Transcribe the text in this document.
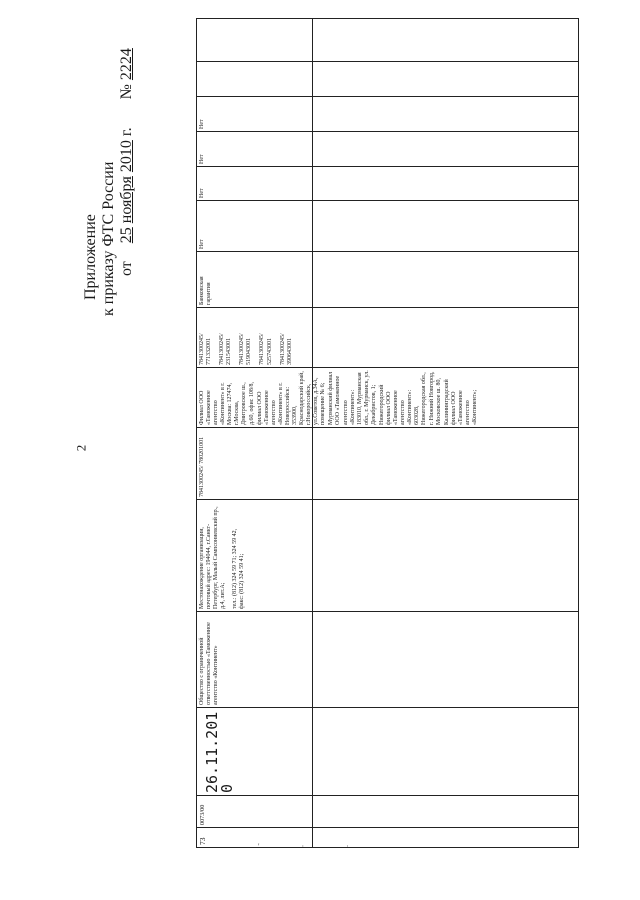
2
Приложение к приказу ФТС России от  25 ноября 2010 г.  № 2224
73
0073/00
26.11.2010
Общество с ограниченной ответственностью «Таможенное агентство «Континент»
Местонахождение организации, почтовый адрес: 194044, г.Санкт-Петербург, Малый Сампсониевский пр., д.4, лит.А; тел.: (812) 324 59 71; 324 59 42, факс: (812) 324 59 41;
7841300245/ 780201001
Филиал ООО «Таможенное агентство «Континент» в г. Москва: 127474, г.Москва, Дмитровское ш., д.60, офис 108/8, филиал ООО «Таможенное агентство «Континент» в г. Новороссийск: 353900, Краснодарский край, г.Новороссийск, ул.Советов, д.34А, помещение № 6; Мурманский филиал ООО «Таможенное агентство «Континент»: 183010, Мурманская обл., г. Мурманск, ул. Декабристов, 1; Нижегородский филиал ООО «Таможенное агентство «Континент»: 603028, Нижегородская обл., г. Нижний Новгород, Московское ш. 80, Калининградский филиал ООО «Таможенное агентство «Континент»;
7841300245/ 771332001 7841300245/ 231543001 7841300245/ 519043001 7841300245/ 525743001 7841300245/ 390643001
Банковская гарантия
Нет
Нет
Нет
Нет
' · ·
